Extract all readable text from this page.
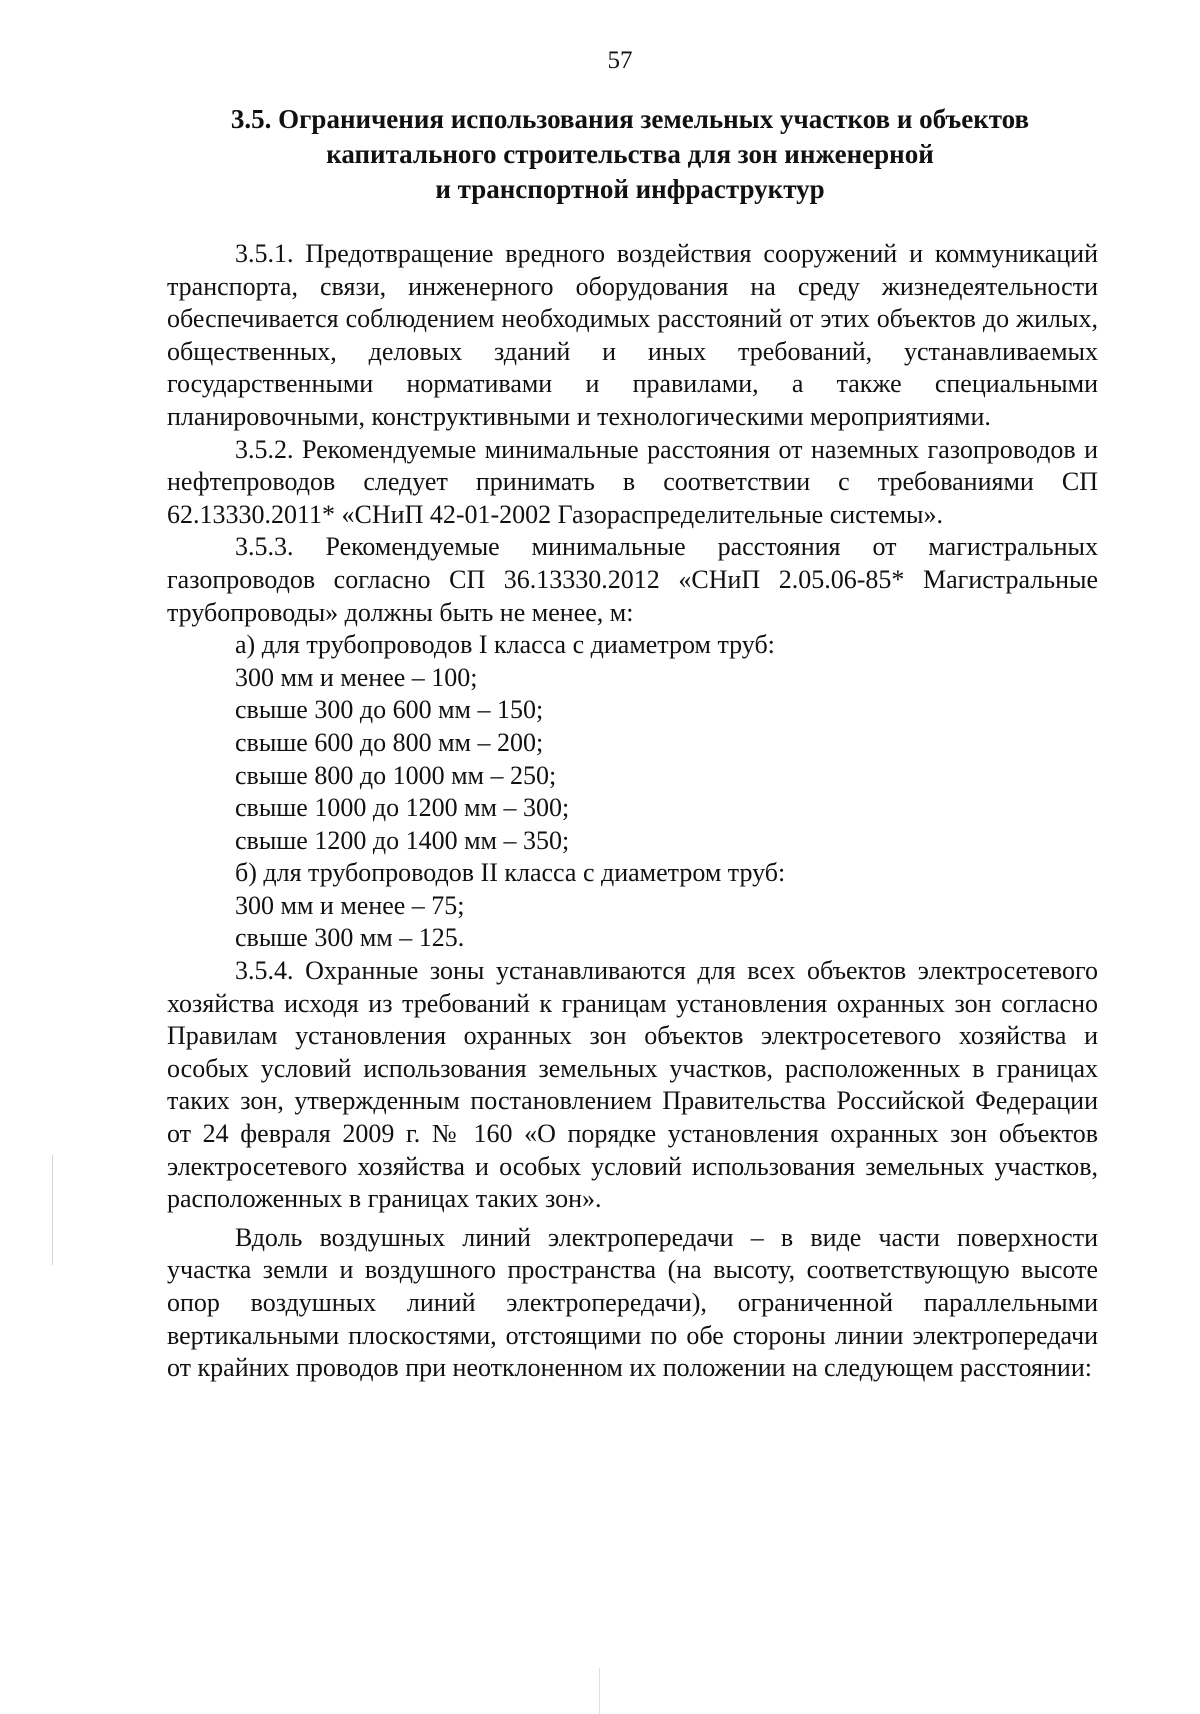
57
3.5. Ограничения использования земельных участков и объектов
капитального строительства для зон инженерной
и транспортной инфраструктур

3.5.1. Предотвращение вредного воздействия сооружений и коммуникаций транспорта, связи, инженерного оборудования на среду жизнедеятельности обеспечивается соблюдением необходимых расстояний от этих объектов до жилых, общественных, деловых зданий и иных требований, устанавливаемых государственными нормативами и правилами, а также специальными планировочными, конструктивными и технологическими мероприятиями.

3.5.2. Рекомендуемые минимальные расстояния от наземных газопроводов и нефтепроводов следует принимать в соответствии с требованиями СП 62.13330.2011* «СНиП 42-01-2002 Газораспределительные системы».

3.5.3. Рекомендуемые минимальные расстояния от магистральных газопроводов согласно СП 36.13330.2012 «СНиП 2.05.06-85* Магистральные трубопроводы» должны быть не менее, м:

а) для трубопроводов I класса с диаметром труб:

300 мм и менее – 100;

свыше 300 до 600 мм – 150;

свыше 600 до 800 мм – 200;

свыше 800 до 1000 мм – 250;

свыше 1000 до 1200 мм – 300;

свыше 1200 до 1400 мм – 350;

б) для трубопроводов II класса с диаметром труб:

300 мм и менее – 75;

свыше 300 мм – 125.

3.5.4. Охранные зоны устанавливаются для всех объектов электросетевого хозяйства исходя из требований к границам установления охранных зон согласно Правилам установления охранных зон объектов электросетевого хозяйства и особых условий использования земельных участков, расположенных в границах таких зон, утвержденным постановлением Правительства Российской Федерации от 24 февраля 2009 г. № 160 «О порядке установления охранных зон объектов электросетевого хозяйства и особых условий использования земельных участков, расположенных в границах таких зон».

Вдоль воздушных линий электропередачи – в виде части поверхности участка земли и воздушного пространства (на высоту, соответствующую высоте опор воздушных линий электропередачи), ограниченной параллельными вертикальными плоскостями, отстоящими по обе стороны линии электропередачи от крайних проводов при неотклоненном их положении на следующем расстоянии:
